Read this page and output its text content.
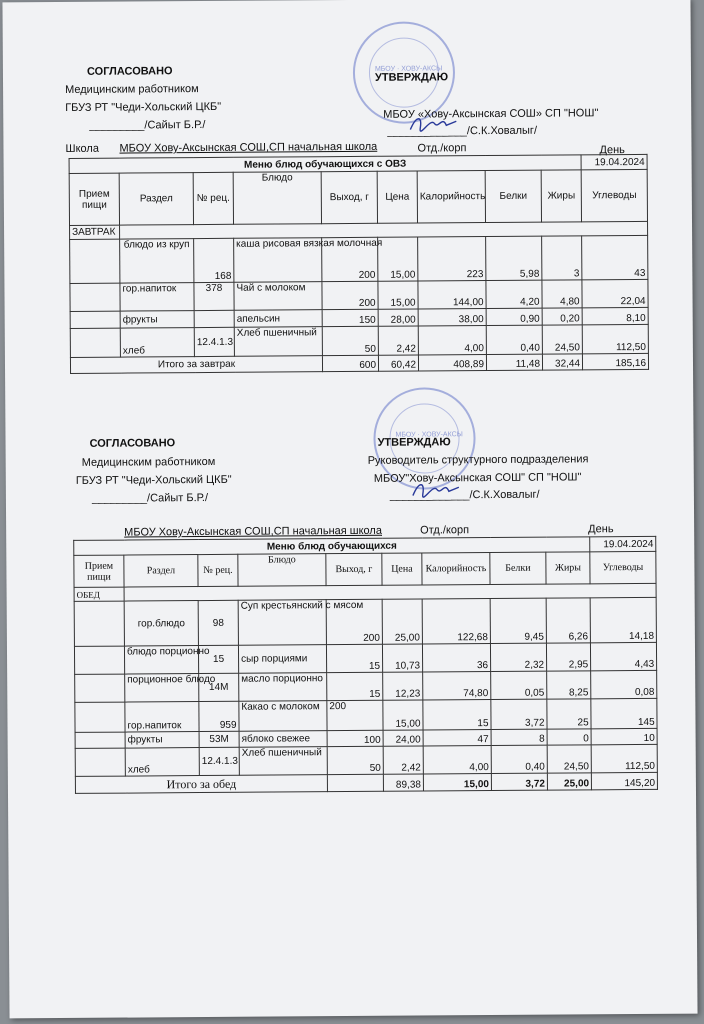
МБОУ · ХОВУ-АКСЫ
СОГЛАСОВАНО
Медицинским работником
ГБУЗ РТ "Чеди-Хольский ЦКБ"
_________/Сайыт Б.Р./
УТВЕРЖДАЮ
МБОУ «Хову-Аксынская СОШ» СП "НОШ"
_____________/С.К.Ховалыг/
Школа МБОУ Хову-Аксынская СОШ,СП начальная школа	Отд./корп	День
Меню блюд обучающихся с ОВЗ									19.04.2024
Прием пищи	Раздел	№ рец.	Блюдо	Выход, г	Цена	Калорийность	Белки	Жиры	Углеводы
ЗАВТРАК									
	блюдо из круп	168	каша рисовая вязкая молочная	200	15,00	223	5,98	3	43
	гор.напиток	378	Чай с молоком	200	15,00	144,00	4,20	4,80	22,04
	фрукты		апельсин	150	28,00	38,00	0,90	0,20	8,10
	хлеб	12.4.1.3	Хлеб пшеничный	50	2,42	4,00	0,40	24,50	112,50
Итого за завтрак				600	60,42	408,89	11,48	32,44	185,16
МБОУ · ХОВУ-АКСЫ
СОГЛАСОВАНО
Медицинским работником
ГБУЗ РТ "Чеди-Хольский ЦКБ"
_________/Сайыт Б.Р./
УТВЕРЖДАЮ
Руководитель структурного подразделения
МБОУ"Хову-Аксынская СОШ" СП "НОШ"
_____________/С.К.Ховалыг/
МБОУ Хову-Аксынская СОШ,СП начальная школа	Отд./корп	День
Меню блюд обучающихся									19.04.2024
Прием пищи	Раздел	№ рец.	Блюдо	Выход, г	Цена	Калорийность	Белки	Жиры	Углеводы
ОБЕД									
	гор.блюдо	98	Суп крестьянский с мясом	200	25,00	122,68	9,45	6,26	14,18
	блюдо порционно	15	сыр порциями	15	10,73	36	2,32	2,95	4,43
	порционное блюдо	14М	масло порционно	15	12,23	74,80	0,05	8,25	0,08
	гор.напиток	959	Какао с молоком	200	15,00	15	3,72	25	145
	фрукты	53М	яблоко свежее	100	24,00	47	8	0	10
	хлеб	12.4.1.3	Хлеб пшеничный	50	2,42	4,00	0,40	24,50	112,50
Итого за обед					89,38	15,00	3,72	25,00	145,20
